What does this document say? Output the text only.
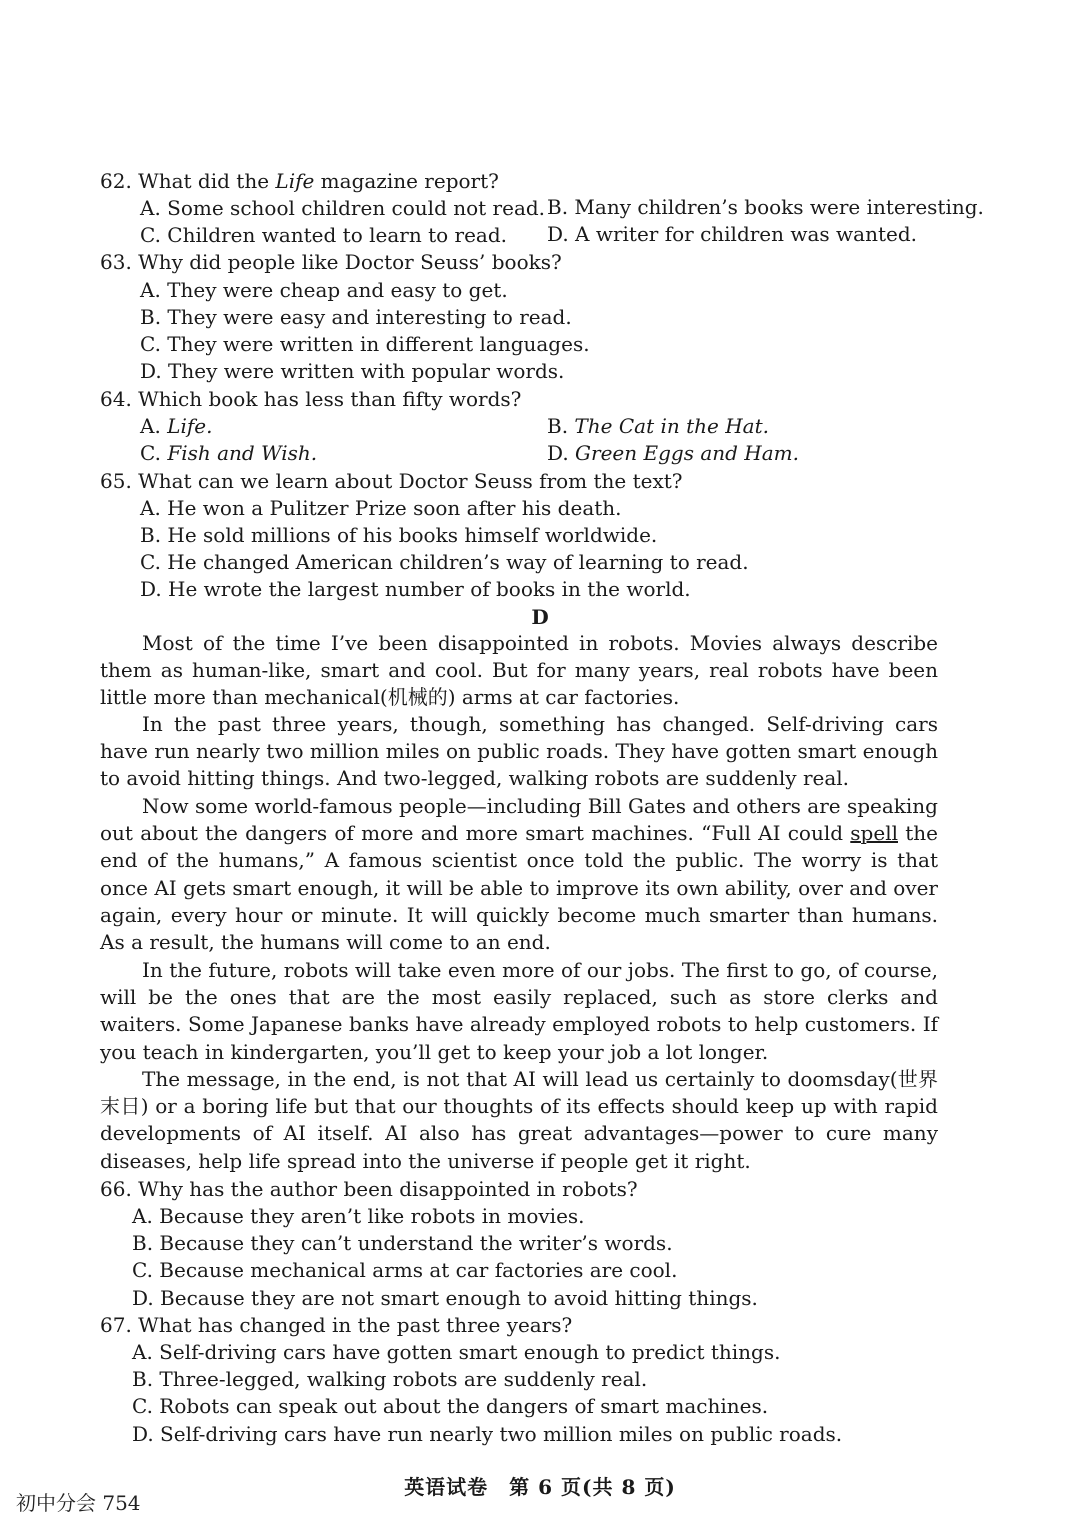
62. What did the Life magazine report?
A. Some school children could not read. B. Many children’s books were interesting.
C. Children wanted to learn to read. D. A writer for children was wanted.
63. Why did people like Doctor Seuss’ books?
A. They were cheap and easy to get.
B. They were easy and interesting to read.
C. They were written in different languages.
D. They were written with popular words.
64. Which book has less than fifty words?
A. Life.	B. The Cat in the Hat.
C. Fish and Wish.	D. Green Eggs and Ham.
65. What can we learn about Doctor Seuss from the text?
A. He won a Pulitzer Prize soon after his death.
B. He sold millions of his books himself worldwide.
C. He changed American children’s way of learning to read.
D. He wrote the largest number of books in the world.
D
Most of the time I’ve been disappointed in robots. Movies always describe them as human-like, smart and cool. But for many years, real robots have been little more than mechanical(机械的) arms at car factories.
In the past three years, though, something has changed. Self-driving cars have run nearly two million miles on public roads. They have gotten smart enough to avoid hitting things. And two-legged, walking robots are suddenly real.
Now some world-famous people—including Bill Gates and others are speaking out about the dangers of more and more smart machines. “Full AI could spell the end of the humans,” A famous scientist once told the public. The worry is that once AI gets smart enough, it will be able to improve its own ability, over and over again, every hour or minute. It will quickly become much smarter than humans. As a result, the humans will come to an end.
In the future, robots will take even more of our jobs. The first to go, of course, will be the ones that are the most easily replaced, such as store clerks and waiters. Some Japanese banks have already employed robots to help customers. If you teach in kindergarten, you’ll get to keep your job a lot longer.
The message, in the end, is not that AI will lead us certainly to doomsday(世界末日) or a boring life but that our thoughts of its effects should keep up with rapid developments of AI itself. AI also has great advantages—power to cure many diseases, help life spread into the universe if people get it right.
66. Why has the author been disappointed in robots?
A. Because they aren’t like robots in movies.
B. Because they can’t understand the writer’s words.
C. Because mechanical arms at car factories are cool.
D. Because they are not smart enough to avoid hitting things.
67. What has changed in the past three years?
A. Self-driving cars have gotten smart enough to predict things.
B. Three-legged, walking robots are suddenly real.
C. Robots can speak out about the dangers of smart machines.
D. Self-driving cars have run nearly two million miles on public roads.
英语试卷　第 6 页(共 8 页)
初中分会 754
